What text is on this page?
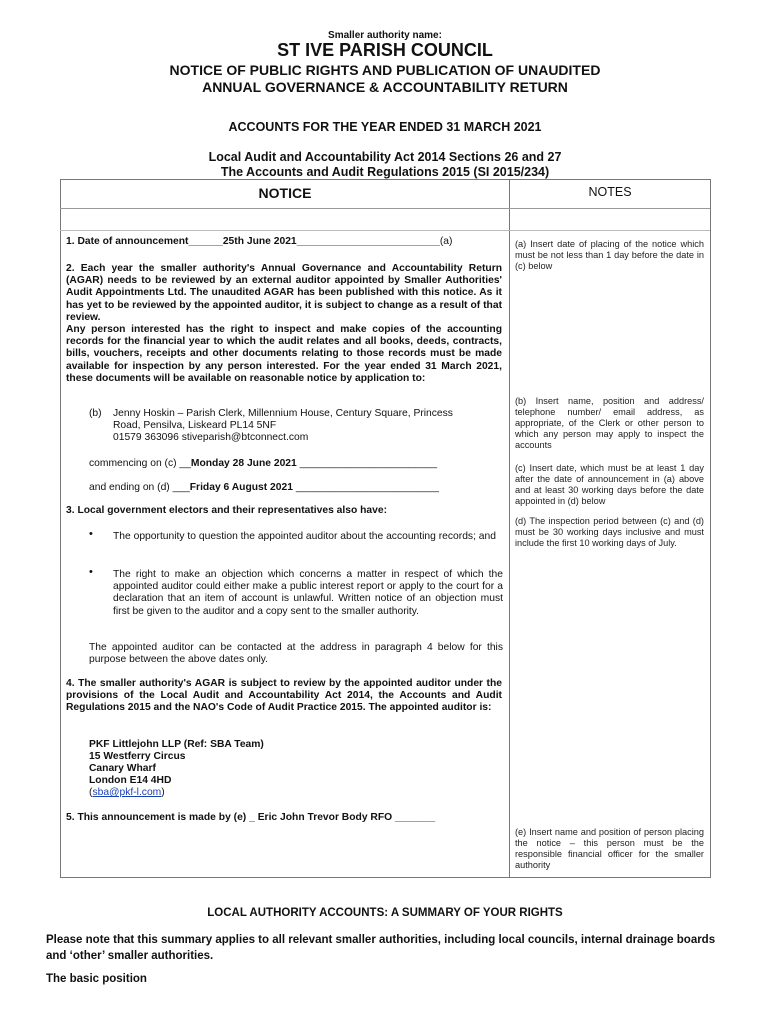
Smaller authority name:
ST IVE PARISH COUNCIL
NOTICE OF PUBLIC RIGHTS AND PUBLICATION OF UNAUDITED ANNUAL GOVERNANCE & ACCOUNTABILITY RETURN
ACCOUNTS FOR THE YEAR ENDED 31 MARCH 2021
Local Audit and Accountability Act 2014 Sections 26 and 27
The Accounts and Audit Regulations 2015 (SI 2015/234)
NOTICE	NOTES
1. Date of announcement______25th June 2021_________________________(a)
2. Each year the smaller authority's Annual Governance and Accountability Return (AGAR) needs to be reviewed by an external auditor appointed by Smaller Authorities' Audit Appointments Ltd. The unaudited AGAR has been published with this notice. As it has yet to be reviewed by the appointed auditor, it is subject to change as a result of that review.
Any person interested has the right to inspect and make copies of the accounting records for the financial year to which the audit relates and all books, deeds, contracts, bills, vouchers, receipts and other documents relating to those records must be made available for inspection by any person interested. For the year ended 31 March 2021, these documents will be available on reasonable notice by application to:
(b) Jenny Hoskin – Parish Clerk, Millennium House, Century Square, Princess
Road, Pensilva, Liskeard PL14 5NF
01579 363096 stiveparish@btconnect.com
commencing on (c) __Monday 28 June 2021 ________________________
and ending on (d) ___Friday 6 August 2021 _________________________
3. Local government electors and their representatives also have:
• The opportunity to question the appointed auditor about the accounting records; and
• The right to make an objection which concerns a matter in respect of which the appointed auditor could either make a public interest report or apply to the court for a declaration that an item of account is unlawful. Written notice of an objection must first be given to the auditor and a copy sent to the smaller authority.
The appointed auditor can be contacted at the address in paragraph 4 below for this purpose between the above dates only.
4. The smaller authority's AGAR is subject to review by the appointed auditor under the provisions of the Local Audit and Accountability Act 2014, the Accounts and Audit Regulations 2015 and the NAO's Code of Audit Practice 2015. The appointed auditor is:
PKF Littlejohn LLP (Ref: SBA Team)
15 Westferry Circus
Canary Wharf
London E14 4HD
(sba@pkf-l.com)
5. This announcement is made by (e) _ Eric John Trevor Body RFO _______
(a) Insert date of placing of the notice which must be not less than 1 day before the date in (c) below
(b) Insert name, position and address/ telephone number/ email address, as appropriate, of the Clerk or other person to which any person may apply to inspect the accounts
(c) Insert date, which must be at least 1 day after the date of announcement in (a) above and at least 30 working days before the date appointed in (d) below
(d) The inspection period between (c) and (d) must be 30 working days inclusive and must include the first 10 working days of July.
(e) Insert name and position of person placing the notice – this person must be the responsible financial officer for the smaller authority
LOCAL AUTHORITY ACCOUNTS: A SUMMARY OF YOUR RIGHTS
Please note that this summary applies to all relevant smaller authorities, including local councils, internal drainage boards and ‘other’ smaller authorities.
The basic position
